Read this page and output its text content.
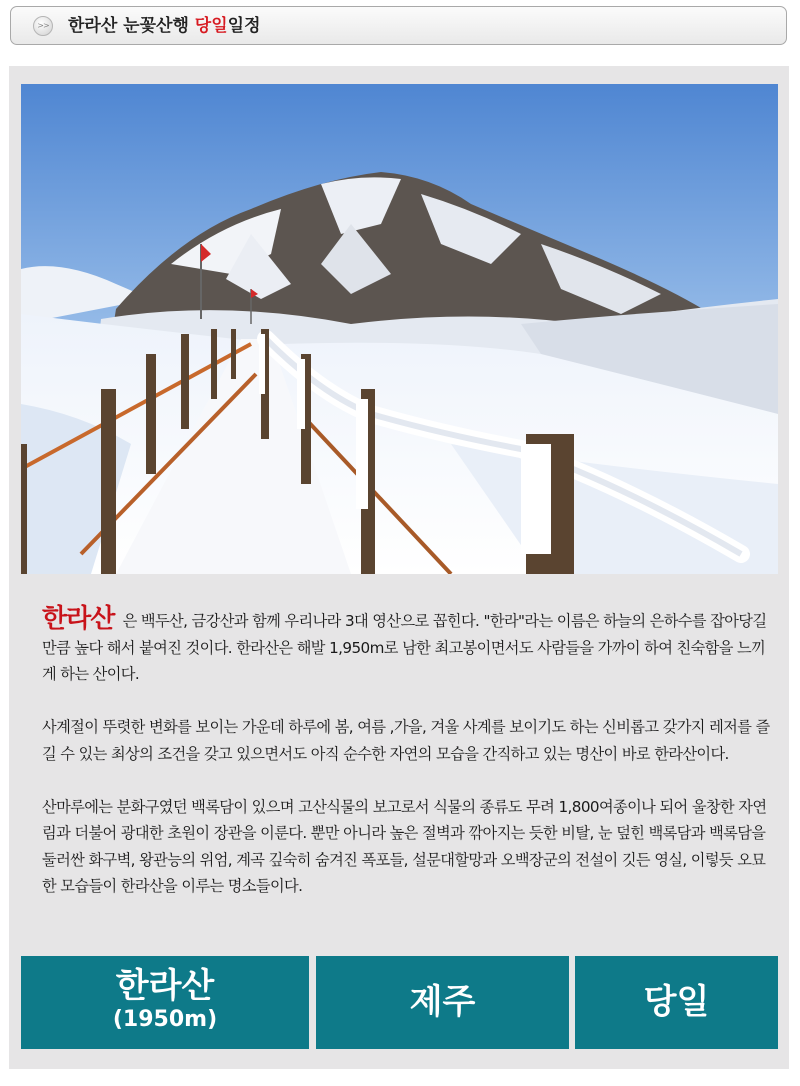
>> 한라산 눈꽃산행 당일일정

한라산 은 백두산, 금강산과 함께 우리나라 3대 영산으로 꼽힌다. "한라"라는 이름은 하늘의 은하수를 잡아당길 만큼 높다 해서 붙여진 것이다. 한라산은 해발 1,950m로 남한 최고봉이면서도 사람들을 가까이 하여 친숙함을 느끼게 하는 산이다.

사계절이 뚜렷한 변화를 보이는 가운데 하루에 봄, 여름 ,가을, 겨울 사계를 보이기도 하는 신비롭고 갖가지 레저를 즐길 수 있는 최상의 조건을 갖고 있으면서도 아직 순수한 자연의 모습을 간직하고 있는 명산이 바로 한라산이다.

산마루에는 분화구였던 백록담이 있으며 고산식물의 보고로서 식물의 종류도 무려 1,800여종이나 되어 울창한 자연림과 더불어 광대한 초원이 장관을 이룬다. 뿐만 아니라 높은 절벽과 깎아지는 듯한 비탈, 눈 덮힌 백록담과 백록담을 둘러싼 화구벽, 왕관능의 위엄, 계곡 깊숙히 숨겨진 폭포들, 설문대할망과 오백장군의 전설이 깃든 영실, 이렇듯 오묘한 모습들이 한라산을 이루는 명소들이다.

한라산
(1950m)	제주	당일
